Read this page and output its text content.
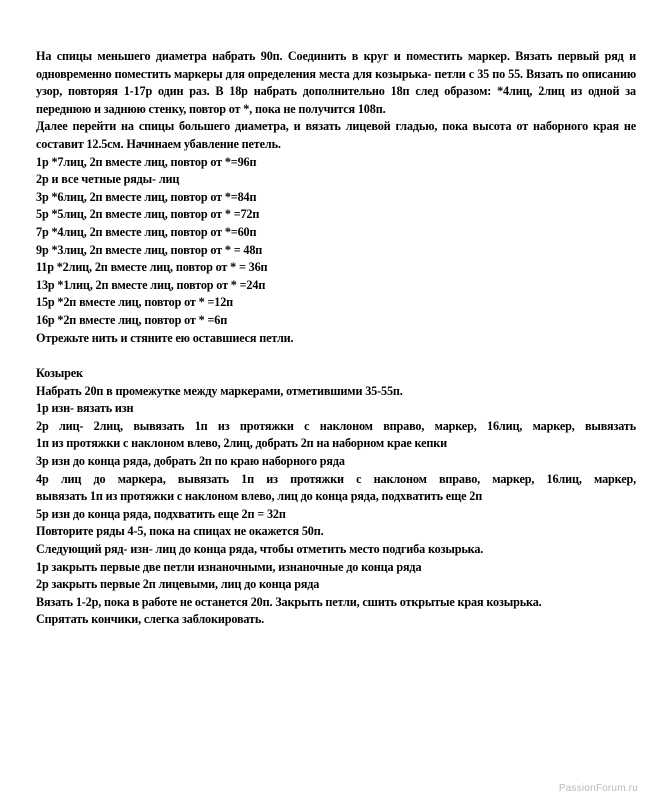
На спицы меньшего диаметра набрать 90п. Соединить в круг и поместить маркер. Вязать первый ряд и одновременно поместить маркеры для определения места для козырька- петли с 35 по 55. Вязать по описанию узор, повторяя 1-17р один раз. В 18р набрать дополнительно 18п след образом: *4лиц, 2лиц из одной за переднюю и заднюю стенку, повтор от *, пока не получится 108п.

Далее перейти на спицы большего диаметра, и вязать лицевой гладью, пока высота от наборного края не составит 12.5см. Начинаем убавление петель.

1р *7лиц, 2п вместе лиц, повтор от *=96п

2р и все четные ряды- лиц

3р *6лиц, 2п вместе лиц, повтор от *=84п

5р *5лиц, 2п вместе лиц, повтор от * =72п

7р *4лиц, 2п вместе лиц, повтор от *=60п

9р *3лиц, 2п вместе лиц, повтор от * = 48п

11р *2лиц, 2п вместе лиц, повтор от * = 36п

13р *1лиц, 2п вместе лиц, повтор от * =24п

15р *2п вместе лиц, повтор от * =12п

16р *2п вместе лиц, повтор от * =6п

Отрежьте нить и стяните ею оставшиеся петли.

Козырек

Набрать 20п в промежутке между маркерами, отметившими 35-55п.

1р изн- вязать изн

2р лиц- 2лиц, вывязать 1п из протяжки с наклоном вправо, маркер, 16лиц, маркер, вывязать

1п из протяжки с наклоном влево, 2лиц, добрать 2п на наборном крае кепки

3р изн до конца ряда, добрать 2п по краю наборного ряда

4р лиц до маркера, вывязать 1п из протяжки с наклоном вправо, маркер, 16лиц, маркер,

вывязать 1п из протяжки с наклоном влево, лиц до конца ряда, подхватить еще 2п

5р изн до конца ряда, подхватить еще 2п = 32п

Повторите ряды 4-5, пока на спицах не окажется 50п.

Следующий ряд- изн- лиц до конца ряда, чтобы отметить место подгиба козырька.

1р закрыть первые две петли изнаночными, изнаночные до конца ряда

2р закрыть первые 2п лицевыми, лиц до конца ряда

Вязать 1-2р, пока в работе не останется 20п. Закрыть петли, сшить открытые края козырька.

Спрятать кончики, слегка заблокировать.

PassionForum.ru
